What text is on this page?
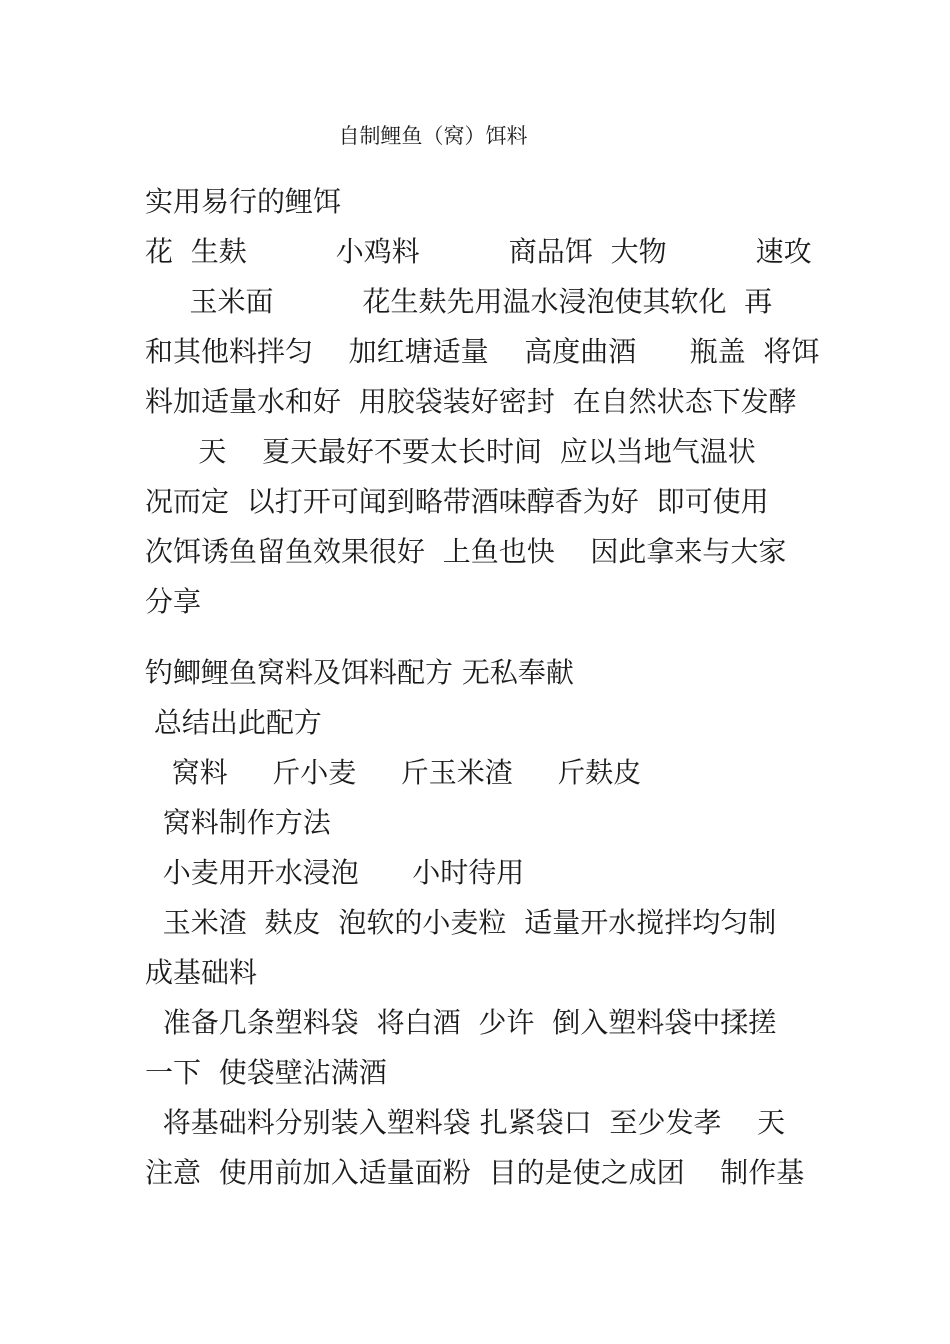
自制鲤鱼（窝）饵料
实用易行的鲤饵
花  生麸          小鸡料          商品饵  大物          速攻
玉米面          花生麸先用温水浸泡使其软化  再
和其他料拌匀    加红塘适量    高度曲酒      瓶盖  将饵
料加适量水和好  用胶袋装好密封  在自然状态下发酵
天    夏天最好不要太长时间  应以当地气温状
况而定  以打开可闻到略带酒味醇香为好  即可使用
次饵诱鱼留鱼效果很好  上鱼也快    因此拿来与大家
分享
钓鲫鲤鱼窝料及饵料配方 无私奉献
总结出此配方
窝料     斤小麦     斤玉米渣     斤麸皮
窝料制作方法
小麦用开水浸泡      小时待用
玉米渣  麸皮  泡软的小麦粒  适量开水搅拌均匀制
成基础料
准备几条塑料袋  将白酒  少许  倒入塑料袋中揉搓
一下  使袋壁沾满酒
将基础料分别装入塑料袋 扎紧袋口  至少发孝    天
注意  使用前加入适量面粉  目的是使之成团    制作基
